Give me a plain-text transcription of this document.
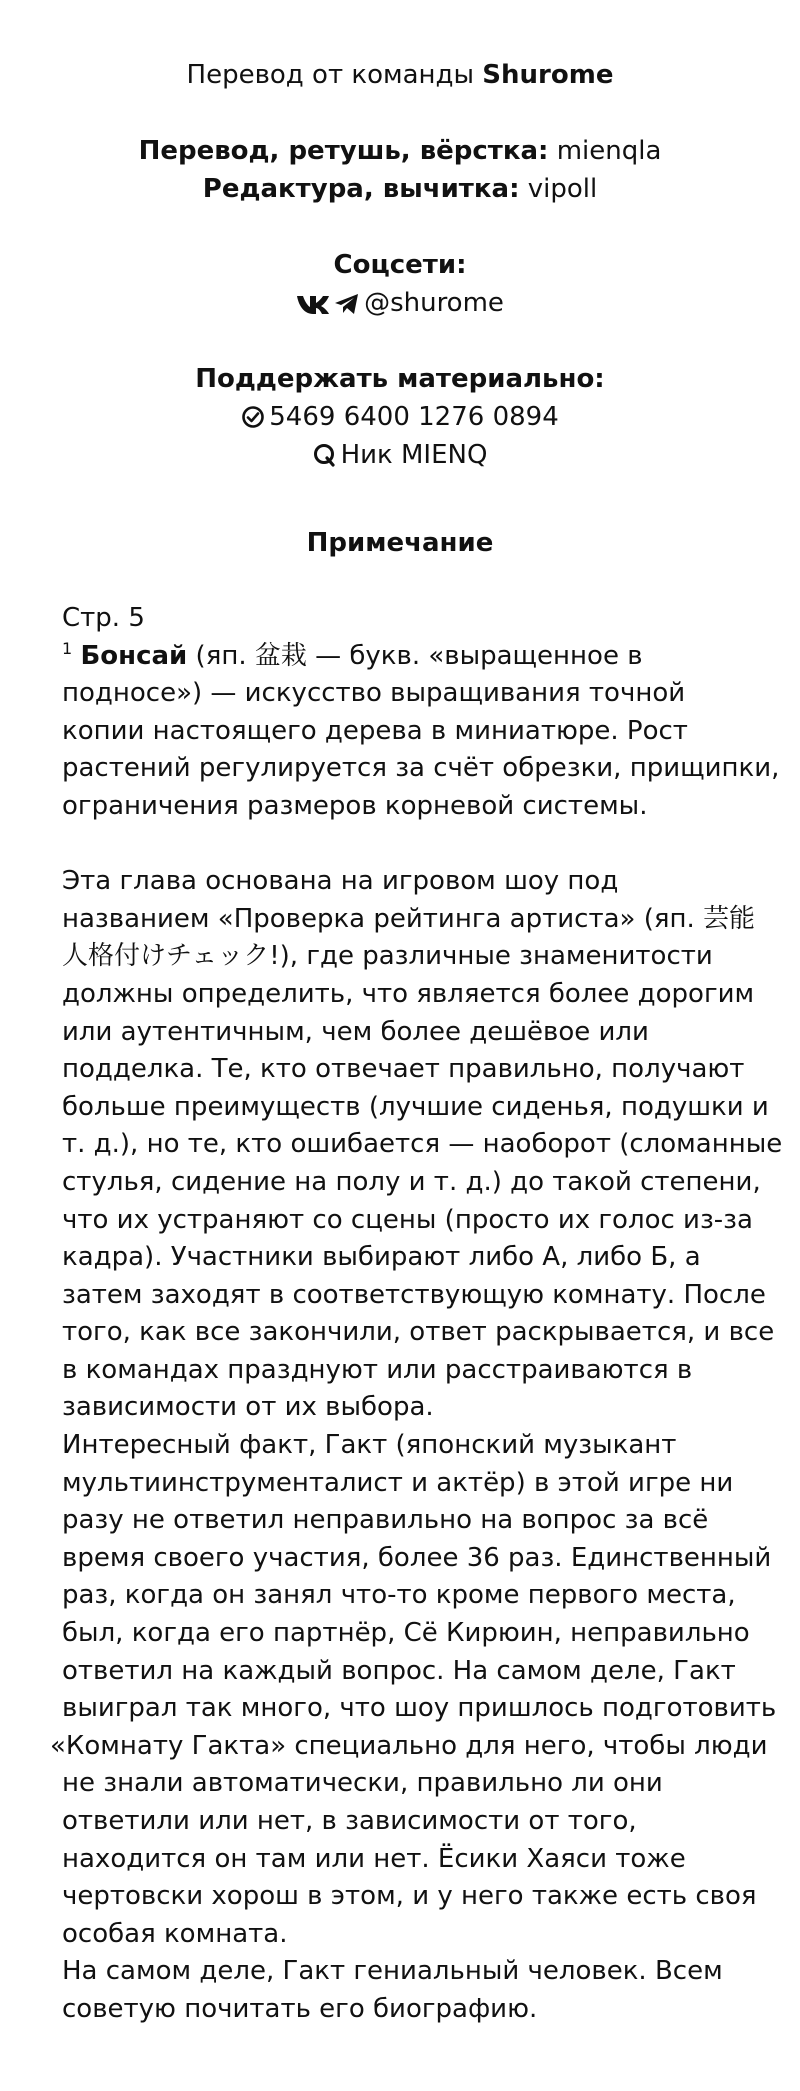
Перевод от команды Shurome
Перевод, ретушь, вёрстка: mienqla
Редактура, вычитка: vipoll
Соцсети:
@shurome
Поддержать материально:
5469 6400 1276 0894
Ник MIENQ
Примечание
Стр. 5
$^1$ Бонсай (яп. 盆栽 — букв. «выращенное в
подносе») — искусство выращивания точной
копии настоящего дерева в миниатюре. Рост
растений регулируется за счёт обрезки, прищипки,
ограничения размеров корневой системы.
Эта глава основана на игровом шоу под
названием «Проверка рейтинга артиста» (яп. 芸能
人格付けチェック!), где различные знаменитости
должны определить, что является более дорогим
или аутентичным, чем более дешёвое или
подделка. Те, кто отвечает правильно, получают
больше преимуществ (лучшие сиденья, подушки и
т. д.), но те, кто ошибается — наоборот (сломанные
стулья, сидение на полу и т. д.) до такой степени,
что их устраняют со сцены (просто их голос из-за
кадра). Участники выбирают либо А, либо Б, а
затем заходят в соответствующую комнату. После
того, как все закончили, ответ раскрывается, и все
в командах празднуют или расстраиваются в
зависимости от их выбора.
Интересный факт, Гакт (японский музыкант
мультиинструменталист и актёр) в этой игре ни
разу не ответил неправильно на вопрос за всё
время своего участия, более 36 раз. Единственный
раз, когда он занял что-то кроме первого места,
был, когда его партнёр, Сё Кирюин, неправильно
ответил на каждый вопрос. На самом деле, Гакт
выиграл так много, что шоу пришлось подготовить
«Комнату Гакта» специально для него, чтобы люди
не знали автоматически, правильно ли они
ответили или нет, в зависимости от того,
находится он там или нет. Ёсики Хаяси тоже
чертовски хорош в этом, и у него также есть своя
особая комната.
На самом деле, Гакт гениальный человек. Всем
советую почитать его биографию.
